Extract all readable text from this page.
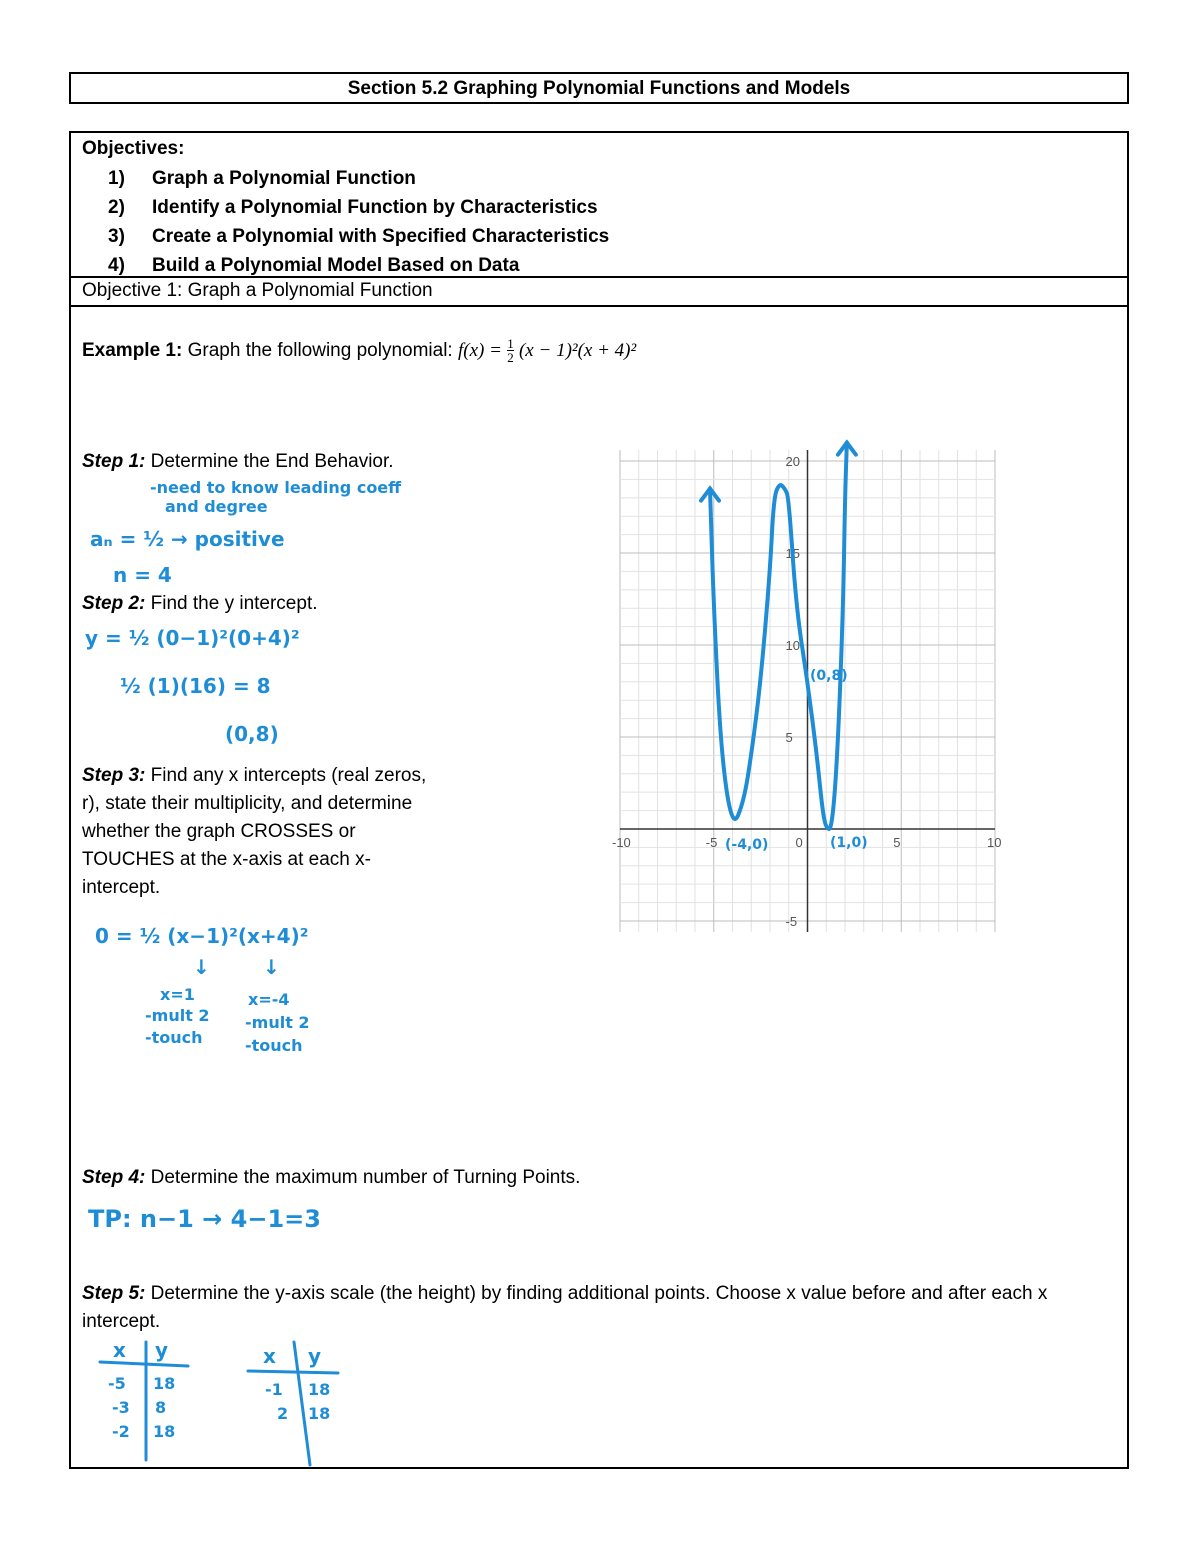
Section 5.2 Graphing Polynomial Functions and Models
Objectives:
1) Graph a Polynomial Function
2) Identify a Polynomial Function by Characteristics
3) Create a Polynomial with Specified Characteristics
4) Build a Polynomial Model Based on Data
Objective 1: Graph a Polynomial Function
Example 1: Graph the following polynomial: $f(x) = \frac{1}{2} (x - 1)^2(x + 4)^2$
Step 1: Determine the End Behavior.
Step 2: Find the y intercept.
Step 3: Find any x intercepts (real zeros, r), state their multiplicity, and determine whether the graph CROSSES or TOUCHES at the x-axis at each x-intercept.
Step 4: Determine the maximum number of Turning Points.
Step 5: Determine the y-axis scale (the height) by finding additional points. Choose x value before and after each x intercept.
-need to know leading coeff
and degree
aₙ = ½ → positive
n = 4
y = ½ (0−1)²(0+4)²
½ (1)(16) = 8
(0,8)
0 = ½ (x−1)²(x+4)²
↓	↓
x=1
-mult 2
-touch
x=-4
-mult 2
-touch
TP: n−1 → 4−1=3
x y
-5 18
-3 8
-2 18
x y
-1 18
2 18
-10	-5	0	5	10
-5
5
10
15
20
(0,8)
(-4,0)	(1,0)
